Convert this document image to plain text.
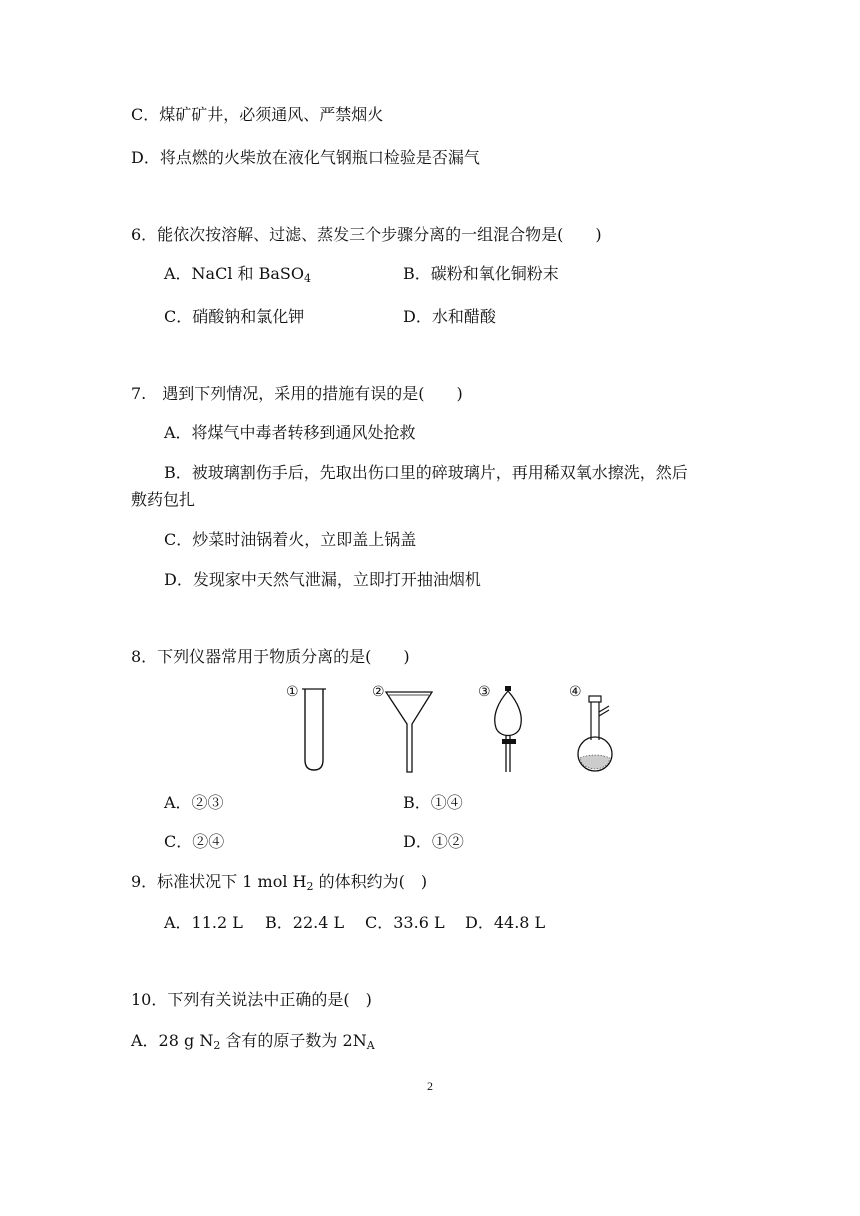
C．煤矿矿井，必须通风、严禁烟火
D．将点燃的火柴放在液化气钢瓶口检验是否漏气
6．能依次按溶解、过滤、蒸发三个步骤分离的一组混合物是(　　)
A．NaCl 和 BaSO$_4$	B．碳粉和氧化铜粉末
C．硝酸钠和氯化钾	D．水和醋酸
7.　遇到下列情况，采用的措施有误的是(　　)
A．将煤气中毒者转移到通风处抢救
B．被玻璃割伤手后，先取出伤口里的碎玻璃片，再用稀双氧水擦洗，然后
敷药包扎
C．炒菜时油锅着火，立即盖上锅盖
D．发现家中天然气泄漏，立即打开抽油烟机
8．下列仪器常用于物质分离的是(　　)
①	②	③	④
A．②③	B．①④
C．②④	D．①②
9．标准状况下 1 mol $H_2$ 的体积约为(　)
A．11.2 L B．22.4 L C．33.6 L D．44.8 L
10．下列有关说法中正确的是(　)
A．28 g $N_2$ 含有的原子数为 $2N_A$
2
